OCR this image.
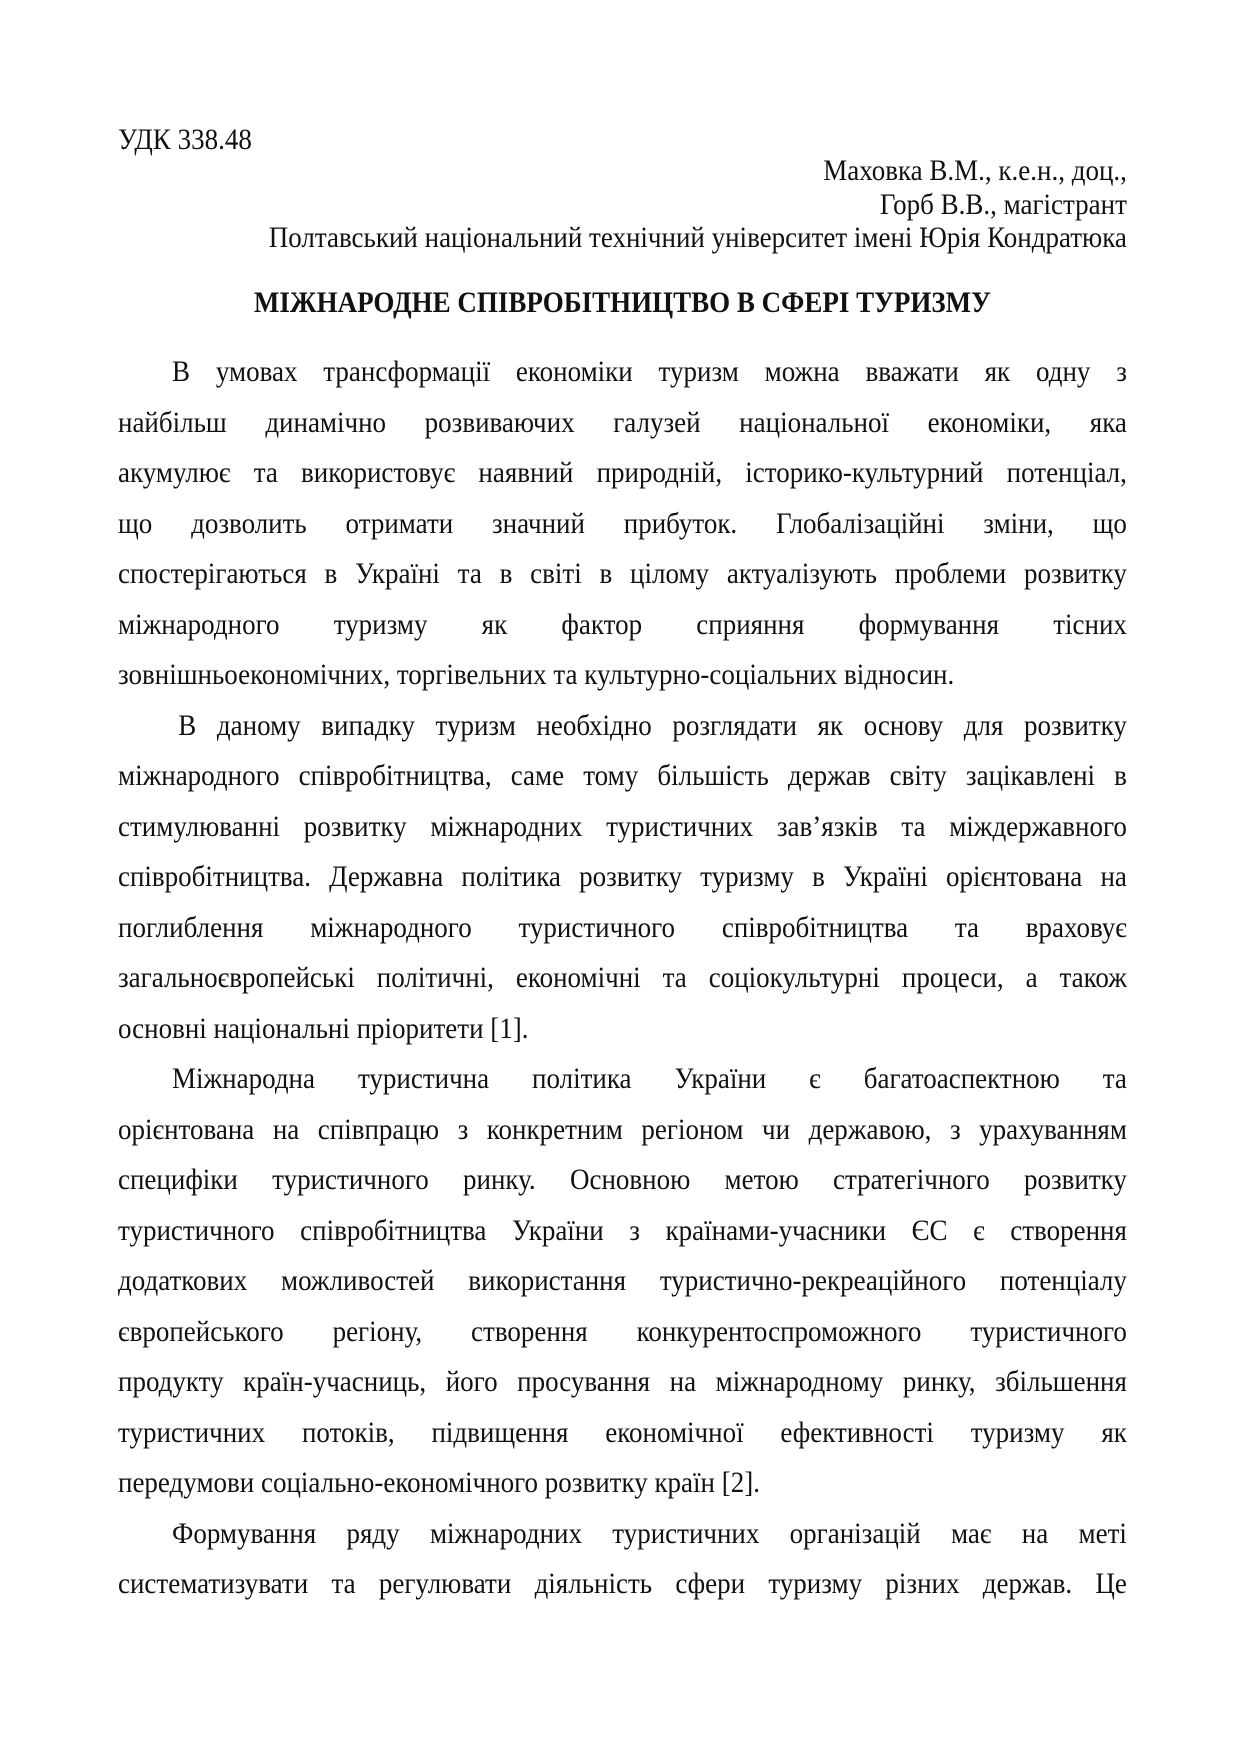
УДК 338.48
Маховка В.М., к.е.н., доц.,
Горб В.В., магістрант
Полтавський національний технічний університет імені Юрія Кондратюка
МІЖНАРОДНЕ СПІВРОБІТНИЦТВО В СФЕРІ ТУРИЗМУ
В умовах трансформації економіки туризм можна вважати як одну з
найбільш динамічно розвиваючих галузей національної економіки, яка
акумулює та використовує наявний природній, історико-культурний потенціал,
що дозволить отримати значний прибуток. Глобалізаційні зміни, що
спостерігаються в Україні та в світі в цілому актуалізують проблеми розвитку
міжнародного туризму як фактор сприяння формування тісних
зовнішньоекономічних, торгівельних та культурно-соціальних відносин.
В даному випадку туризм необхідно розглядати як основу для розвитку
міжнародного співробітництва, саме тому більшість держав світу зацікавлені в
стимулюванні розвитку міжнародних туристичних зав’язків та міждержавного
співробітництва. Державна політика розвитку туризму в Україні орієнтована на
поглиблення міжнародного туристичного співробітництва та враховує
загальноєвропейські політичні, економічні та соціокультурні процеси, а також
основні національні пріоритети [1].
Міжнародна туристична політика України є багатоаспектною та
орієнтована на співпрацю з конкретним регіоном чи державою, з урахуванням
специфіки туристичного ринку. Основною метою стратегічного розвитку
туристичного співробітництва України з країнами-учасники ЄС є створення
додаткових можливостей використання туристично-рекреаційного потенціалу
європейського регіону, створення конкурентоспроможного туристичного
продукту країн-учасниць, його просування на міжнародному ринку, збільшення
туристичних потоків, підвищення економічної ефективності туризму як
передумови соціально-економічного розвитку країн [2].
Формування ряду міжнародних туристичних організацій має на меті
систематизувати та регулювати діяльність сфери туризму різних держав. Це
